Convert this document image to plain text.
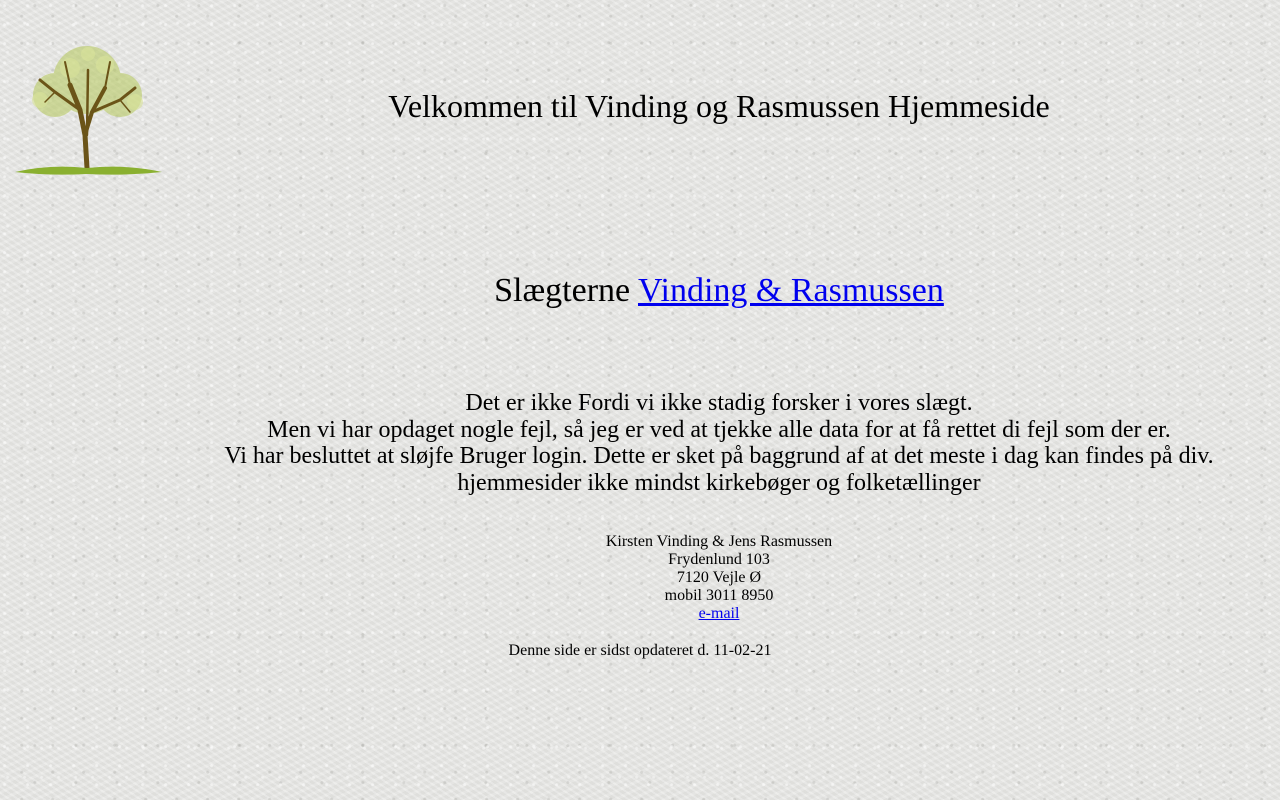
Velkommen til Vinding og Rasmussen Hjemmeside
Slægterne Vinding & Rasmussen
Det er ikke Fordi vi ikke stadig forsker i vores slægt.
Men vi har opdaget nogle fejl, så jeg er ved at tjekke alle data for at få rettet di fejl som der er.
Vi har besluttet at sløjfe Bruger login. Dette er sket på baggrund af at det meste i dag kan findes på div.
hjemmesider ikke mindst kirkebøger og folketællinger
Kirsten Vinding & Jens Rasmussen
Frydenlund 103
7120 Vejle Ø
mobil 3011 8950
e-mail
Denne side er sidst opdateret d. 11-02-21
